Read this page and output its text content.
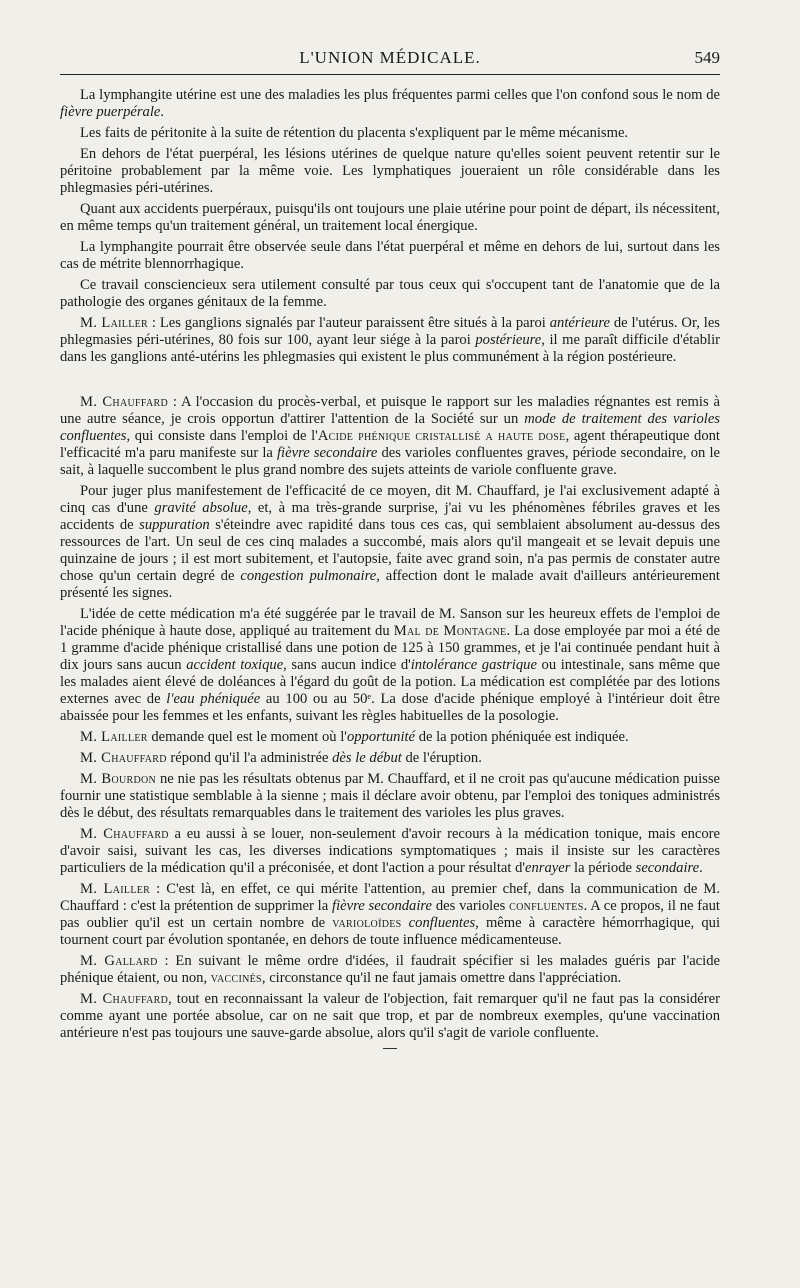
L'UNION MÉDICALE.	549

La lymphangite utérine est une des maladies les plus fréquentes parmi celles que l'on confond sous le nom de fièvre puerpérale.

Les faits de péritonite à la suite de rétention du placenta s'expliquent par le même mécanisme.

En dehors de l'état puerpéral, les lésions utérines de quelque nature qu'elles soient peuvent retentir sur le péritoine probablement par la même voie. Les lymphatiques joueraient un rôle considérable dans les phlegmasies péri-utérines.

Quant aux accidents puerpéraux, puisqu'ils ont toujours une plaie utérine pour point de départ, ils nécessitent, en même temps qu'un traitement général, un traitement local énergique.

La lymphangite pourrait être observée seule dans l'état puerpéral et même en dehors de lui, surtout dans les cas de métrite blennorrhagique.

Ce travail consciencieux sera utilement consulté par tous ceux qui s'occupent tant de l'anatomie que de la pathologie des organes génitaux de la femme.

M. Lailler : Les ganglions signalés par l'auteur paraissent être situés à la paroi antérieure de l'utérus. Or, les phlegmasies péri-utérines, 80 fois sur 100, ayant leur siége à la paroi postérieure, il me paraît difficile d'établir dans les ganglions anté-utérins les phlegmasies qui existent le plus communément à la région postérieure.

M. Chauffard : A l'occasion du procès-verbal, et puisque le rapport sur les maladies régnantes est remis à une autre séance, je crois opportun d'attirer l'attention de la Société sur un mode de traitement des varioles confluentes, qui consiste dans l'emploi de l'Acide phénique cristallisé a haute dose, agent thérapeutique dont l'efficacité m'a paru manifeste sur la fièvre secondaire des varioles confluentes graves, période secondaire, on le sait, à laquelle succombent le plus grand nombre des sujets atteints de variole confluente grave.

Pour juger plus manifestement de l'efficacité de ce moyen, dit M. Chauffard, je l'ai exclusivement adapté à cinq cas d'une gravité absolue, et, à ma très-grande surprise, j'ai vu les phénomènes fébriles graves et les accidents de suppuration s'éteindre avec rapidité dans tous ces cas, qui semblaient absolument au-dessus des ressources de l'art. Un seul de ces cinq malades a succombé, mais alors qu'il mangeait et se levait depuis une quinzaine de jours ; il est mort subitement, et l'autopsie, faite avec grand soin, n'a pas permis de constater autre chose qu'un certain degré de congestion pulmonaire, affection dont le malade avait d'ailleurs antérieurement présenté les signes.

L'idée de cette médication m'a été suggérée par le travail de M. Sanson sur les heureux effets de l'emploi de l'acide phénique à haute dose, appliqué au traitement du Mal de Montagne. La dose employée par moi a été de 1 gramme d'acide phénique cristallisé dans une potion de 125 à 150 grammes, et je l'ai continuée pendant huit à dix jours sans aucun accident toxique, sans aucun indice d'intolérance gastrique ou intestinale, sans même que les malades aient élevé de doléances à l'égard du goût de la potion. La médication est complétée par des lotions externes avec de l'eau phéniquée au 100 ou au 50ᵉ. La dose d'acide phénique employé à l'intérieur doit être abaissée pour les femmes et les enfants, suivant les règles habituelles de la posologie.

M. Lailler demande quel est le moment où l'opportunité de la potion phéniquée est indiquée.

M. Chauffard répond qu'il l'a administrée dès le début de l'éruption.

M. Bourdon ne nie pas les résultats obtenus par M. Chauffard, et il ne croit pas qu'aucune médication puisse fournir une statistique semblable à la sienne ; mais il déclare avoir obtenu, par l'emploi des toniques administrés dès le début, des résultats remarquables dans le traitement des varioles les plus graves.

M. Chauffard a eu aussi à se louer, non-seulement d'avoir recours à la médication tonique, mais encore d'avoir saisi, suivant les cas, les diverses indications symptomatiques ; mais il insiste sur les caractères particuliers de la médication qu'il a préconisée, et dont l'action a pour résultat d'enrayer la période secondaire.

M. Lailler : C'est là, en effet, ce qui mérite l'attention, au premier chef, dans la communication de M. Chauffard : c'est la prétention de supprimer la fièvre secondaire des varioles confluentes. A ce propos, il ne faut pas oublier qu'il est un certain nombre de varioloïdes confluentes, même à caractère hémorrhagique, qui tournent court par évolution spontanée, en dehors de toute influence médicamenteuse.

M. Gallard : En suivant le même ordre d'idées, il faudrait spécifier si les malades guéris par l'acide phénique étaient, ou non, vaccinés, circonstance qu'il ne faut jamais omettre dans l'appréciation.

M. Chauffard, tout en reconnaissant la valeur de l'objection, fait remarquer qu'il ne faut pas la considérer comme ayant une portée absolue, car on ne sait que trop, et par de nombreux exemples, qu'une vaccination antérieure n'est pas toujours une sauve-garde absolue, alors qu'il s'agit de variole confluente.
